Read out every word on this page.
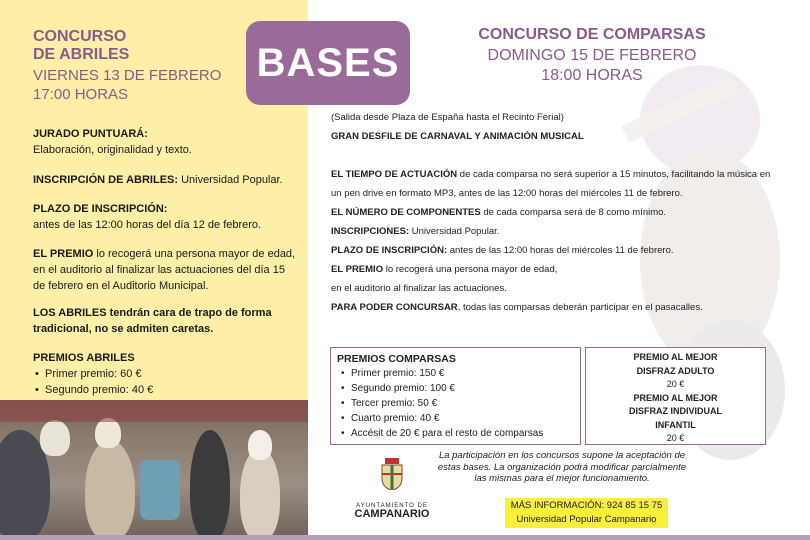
CONCURSO
DE ABRILES
VIERNES 13 DE FEBRERO
17:00 HORAS
JURADO PUNTUARÁ:
Elaboración, originalidad y texto.
INSCRIPCIÓN DE ABRILES: Universidad Popular.
PLAZO DE INSCRIPCIÓN:
antes de las 12:00 horas del día 12 de febrero.
EL PREMIO lo recogerá una persona mayor de edad, en el auditorio al finalizar las actuaciones del día 15 de febrero en el Auditorio Municipal.
LOS ABRILES tendrán cara de trapo de forma tradicional, no se admiten caretas.
PREMIOS ABRILES
• Primer premio: 60 €
• Segundo premio: 40 €
•
BASES
CONCURSO DE COMPARSAS
DOMINGO 15 DE FEBRERO
18:00 HORAS
(Salida desde Plaza de España hasta el Recinto Ferial)
GRAN DESFILE DE CARNAVAL Y ANIMACIÓN MUSICAL
EL TIEMPO DE ACTUACIÓN de cada comparsa no será superior a 15 minutos, facilitando la música en un pen drive en formato MP3, antes de las 12:00 horas del miércoles 11 de febrero.
EL NÚMERO DE COMPONENTES de cada comparsa será de 8 como mínimo.
INSCRIPCIONES: Universidad Popular.
PLAZO DE INSCRIPCIÓN: antes de las 12:00 horas del miércoles 11 de febrero.
EL PREMIO lo recogerá una persona mayor de edad,
en el auditorio al finalizar las actuaciones.
PARA PODER CONCURSAR, todas las comparsas deberán participar en el pasacalles.
PREMIOS COMPARSAS
• Primer premio: 150 €
• Segundo premio: 100 €
• Tercer premio: 50 €
• Cuarto premio: 40 €
• Accésit de 20 € para el resto de comparsas
PREMIO AL MEJOR
DISFRAZ ADULTO
20 €
PREMIO AL MEJOR
DISFRAZ INDIVIDUAL
INFANTIL
20 €
AYUNTAMIENTO DE
CAMPANARIO
La participación en los concursos supone la aceptación de estas bases. La organización podrá modificar parcialmente las mismas para el mejor funcionamiento.
MÁS INFORMACIÓN: 924 85 15 75
Universidad Popular Campanario
